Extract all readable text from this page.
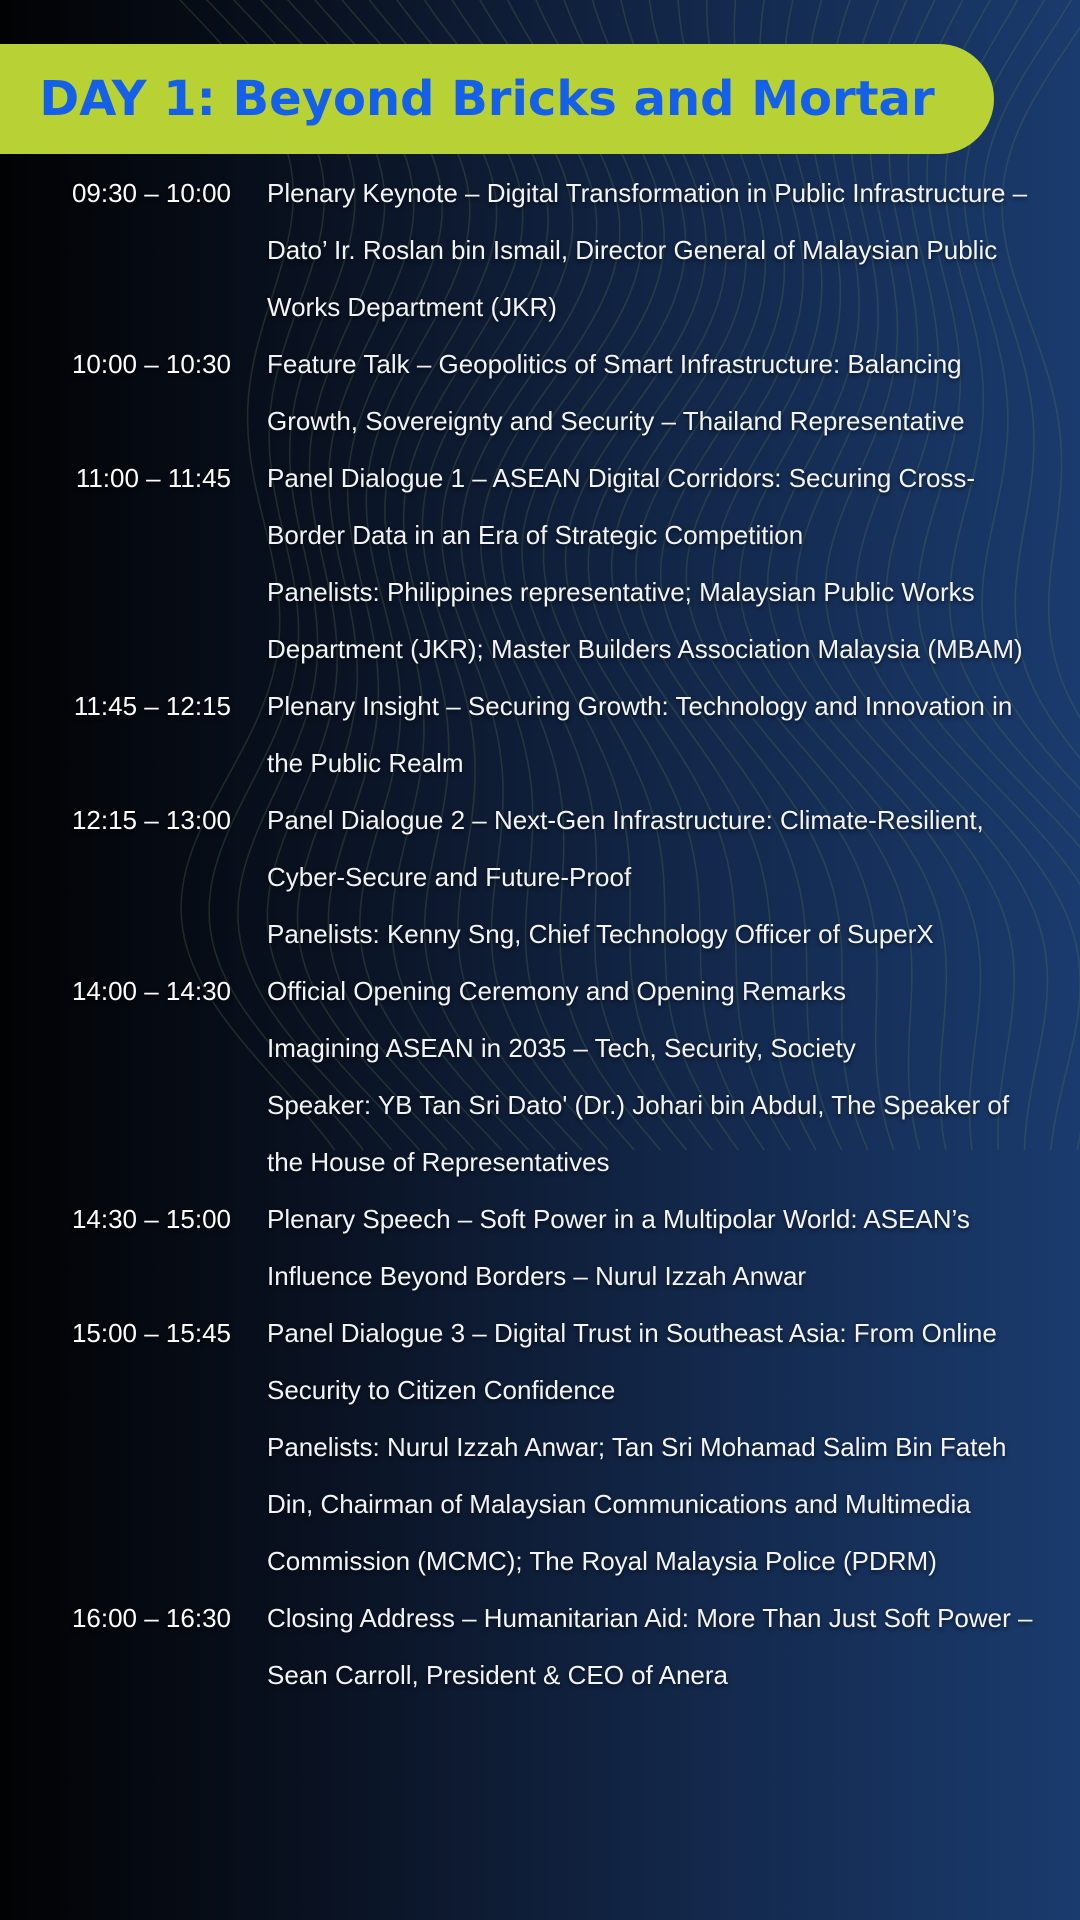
DAY 1: Beyond Bricks and Mortar
09:30 – 10:00 Plenary Keynote – Digital Transformation in Public Infrastructure – Dato’ Ir. Roslan bin Ismail, Director General of Malaysian Public Works Department (JKR)

10:00 – 10:30 Feature Talk – Geopolitics of Smart Infrastructure: Balancing Growth, Sovereignty and Security – Thailand Representative

11:00 – 11:45 Panel Dialogue 1 – ASEAN Digital Corridors: Securing Cross-Border Data in an Era of Strategic Competition

Panelists: Philippines representative; Malaysian Public Works Department (JKR); Master Builders Association Malaysia (MBAM)

11:45 – 12:15 Plenary Insight – Securing Growth: Technology and Innovation in the Public Realm

12:15 – 13:00 Panel Dialogue 2 – Next-Gen Infrastructure: Climate-Resilient, Cyber-Secure and Future-Proof

Panelists: Kenny Sng, Chief Technology Officer of SuperX

14:00 – 14:30 Official Opening Ceremony and Opening Remarks

Imagining ASEAN in 2035 – Tech, Security, Society

Speaker: YB Tan Sri Dato' (Dr.) Johari bin Abdul, The Speaker of the House of Representatives

14:30 – 15:00 Plenary Speech – Soft Power in a Multipolar World: ASEAN’s Influence Beyond Borders – Nurul Izzah Anwar

15:00 – 15:45 Panel Dialogue 3 – Digital Trust in Southeast Asia: From Online Security to Citizen Confidence

Panelists: Nurul Izzah Anwar; Tan Sri Mohamad Salim Bin Fateh Din, Chairman of Malaysian Communications and Multimedia Commission (MCMC); The Royal Malaysia Police (PDRM)

16:00 – 16:30 Closing Address – Humanitarian Aid: More Than Just Soft Power – Sean Carroll, President & CEO of Anera
